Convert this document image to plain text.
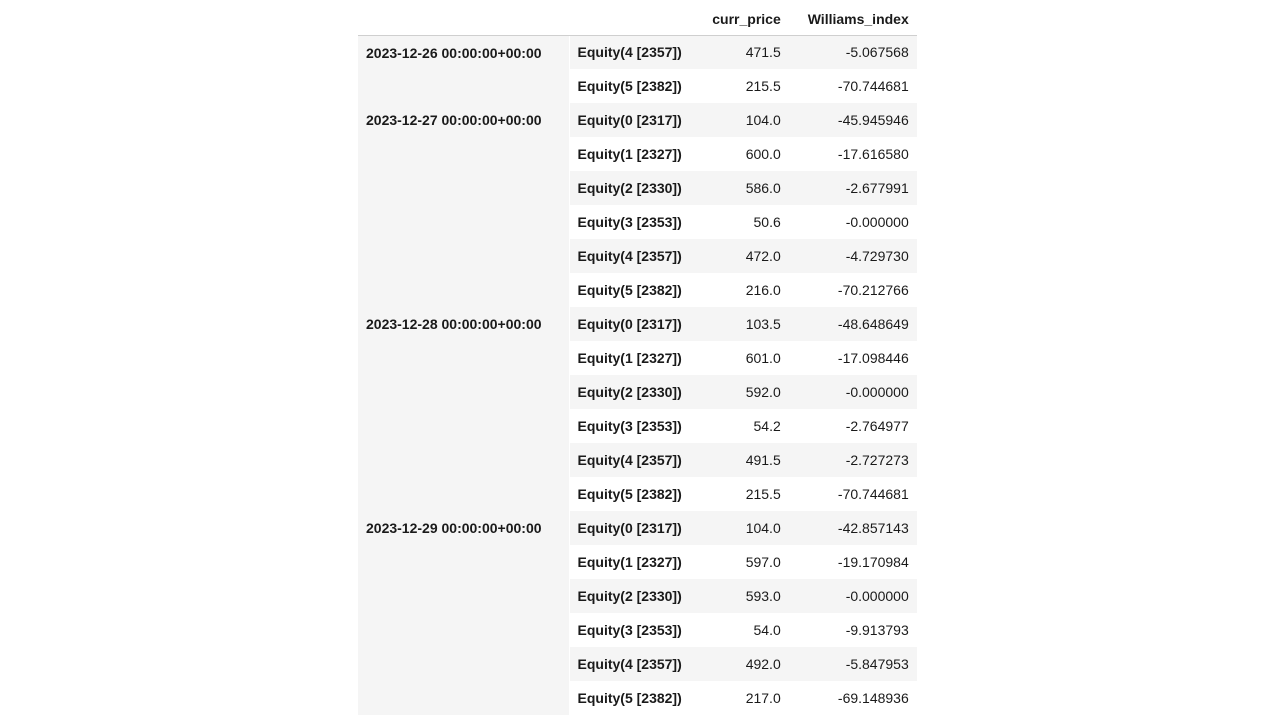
		curr_price	Williams_index
2023-12-26 00:00:00+00:00	Equity(4 [2357])	471.5	-5.067568
	Equity(5 [2382])	215.5	-70.744681
2023-12-27 00:00:00+00:00	Equity(0 [2317])	104.0	-45.945946
	Equity(1 [2327])	600.0	-17.616580
	Equity(2 [2330])	586.0	-2.677991
	Equity(3 [2353])	50.6	-0.000000
	Equity(4 [2357])	472.0	-4.729730
	Equity(5 [2382])	216.0	-70.212766
2023-12-28 00:00:00+00:00	Equity(0 [2317])	103.5	-48.648649
	Equity(1 [2327])	601.0	-17.098446
	Equity(2 [2330])	592.0	-0.000000
	Equity(3 [2353])	54.2	-2.764977
	Equity(4 [2357])	491.5	-2.727273
	Equity(5 [2382])	215.5	-70.744681
2023-12-29 00:00:00+00:00	Equity(0 [2317])	104.0	-42.857143
	Equity(1 [2327])	597.0	-19.170984
	Equity(2 [2330])	593.0	-0.000000
	Equity(3 [2353])	54.0	-9.913793
	Equity(4 [2357])	492.0	-5.847953
	Equity(5 [2382])	217.0	-69.148936
